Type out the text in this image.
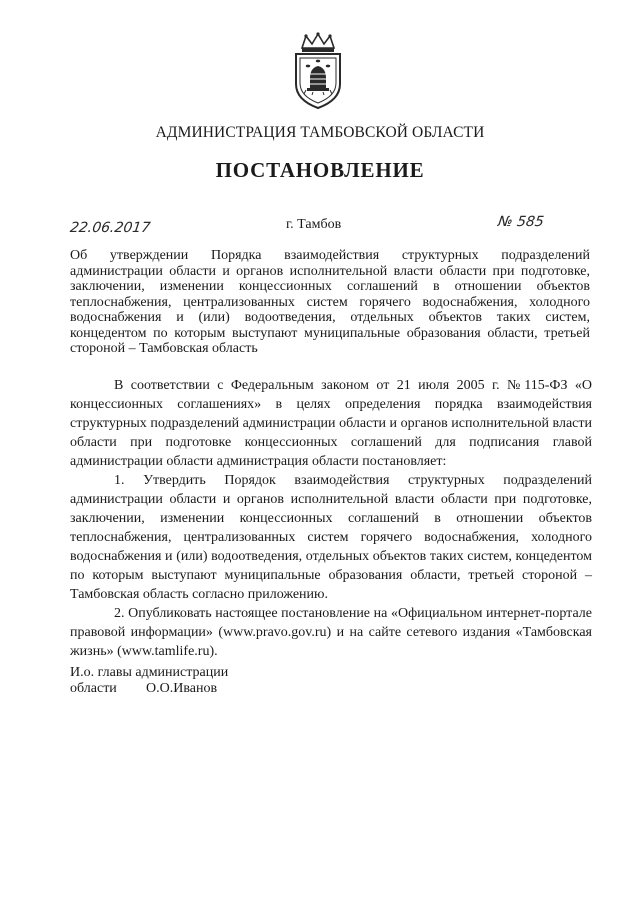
АДМИНИСТРАЦИЯ ТАМБОВСКОЙ ОБЛАСТИ
ПОСТАНОВЛЕНИЕ
22.06.2017	г. Тамбов	№ 585
Об утверждении Порядка взаимодействия структурных подразделений администрации области и органов исполнительной власти области при подготовке, заключении, изменении концессионных соглашений в отношении объектов теплоснабжения, централизованных систем горячего водоснабжения, холодного водоснабжения и (или) водоотведения, отдельных объектов таких систем, концедентом по которым выступают муниципальные образования области, третьей стороной – Тамбовская область

В соответствии с Федеральным законом от 21 июля 2005 г. №115-ФЗ «О концессионных соглашениях» в целях определения порядка взаимодействия структурных подразделений администрации области и органов исполнительной власти области при подготовке концессионных соглашений для подписания главой администрации области администрация области постановляет:

1. Утвердить Порядок взаимодействия структурных подразделений администрации области и органов исполнительной власти области при подготовке, заключении, изменении концессионных соглашений в отношении объектов теплоснабжения, централизованных систем горячего водоснабжения, холодного водоснабжения и (или) водоотведения, отдельных объектов таких систем, концедентом по которым выступают муниципальные образования области, третьей стороной – Тамбовская область согласно приложению.

2. Опубликовать настоящее постановление на «Официальном интернет-портале правовой информации» (www.pravo.gov.ru) и на сайте сетевого издания «Тамбовская жизнь» (www.tamlife.ru).

И.о. главы администрации
области	О.О.Иванов
